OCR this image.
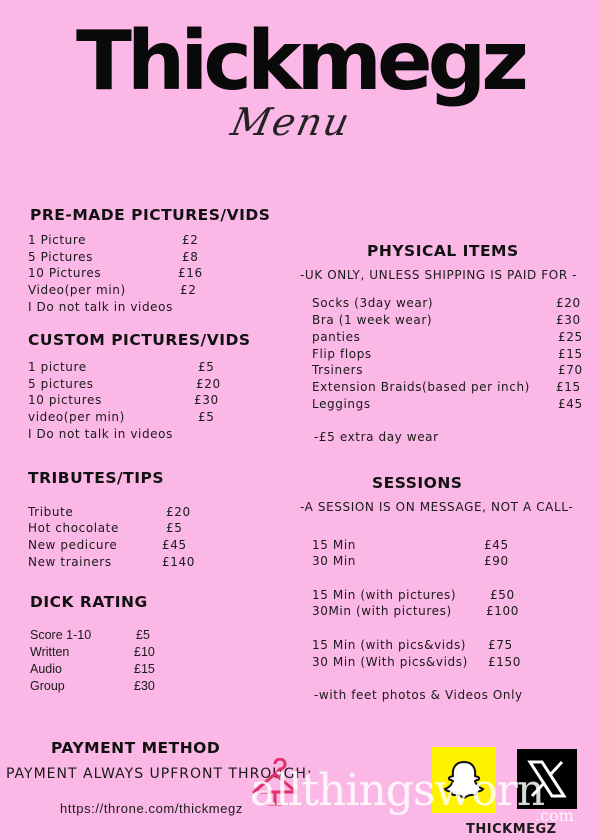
Thickmegz
Menu
PRE-MADE PICTURES/VIDS
1 Picture	£2
5 Pictures	£8
10 Pictures	£16
Video(per min)	£2
I Do not talk in videos
CUSTOM PICTURES/VIDS
1 picture	£5
5 pictures	£20
10 pictures	£30
video(per min)	£5
I Do not talk in videos
TRIBUTES/TIPS
Tribute	£20
Hot chocolate	£5
New pedicure	£45
New trainers	£140
DICK RATING
Score 1-10	£5
Written	£10
Audio	£15
Group	£30
PHYSICAL ITEMS
-UK ONLY, UNLESS SHIPPING IS PAID FOR -
Socks (3day wear)	£20
Bra (1 week wear)	£30
panties	£25
Flip flops	£15
Trsiners	£70
Extension Braids(based per inch) £15
Leggings	£45
-£5 extra day wear
SESSIONS
-A SESSION IS ON MESSAGE, NOT A CALL-
15 Min	£45
30 Min	£90
15 Min (with pictures)	£50
30Min (with pictures)	£100
15 Min (with pics&vids) £75
30 Min (With pics&vids) £150
-with feet photos & Videos Only
PAYMENT METHOD
PAYMENT ALWAYS UPFRONT THROUGH:
https://throne.com/thickmegz allthingsworn
.com
THICKMEGZ
